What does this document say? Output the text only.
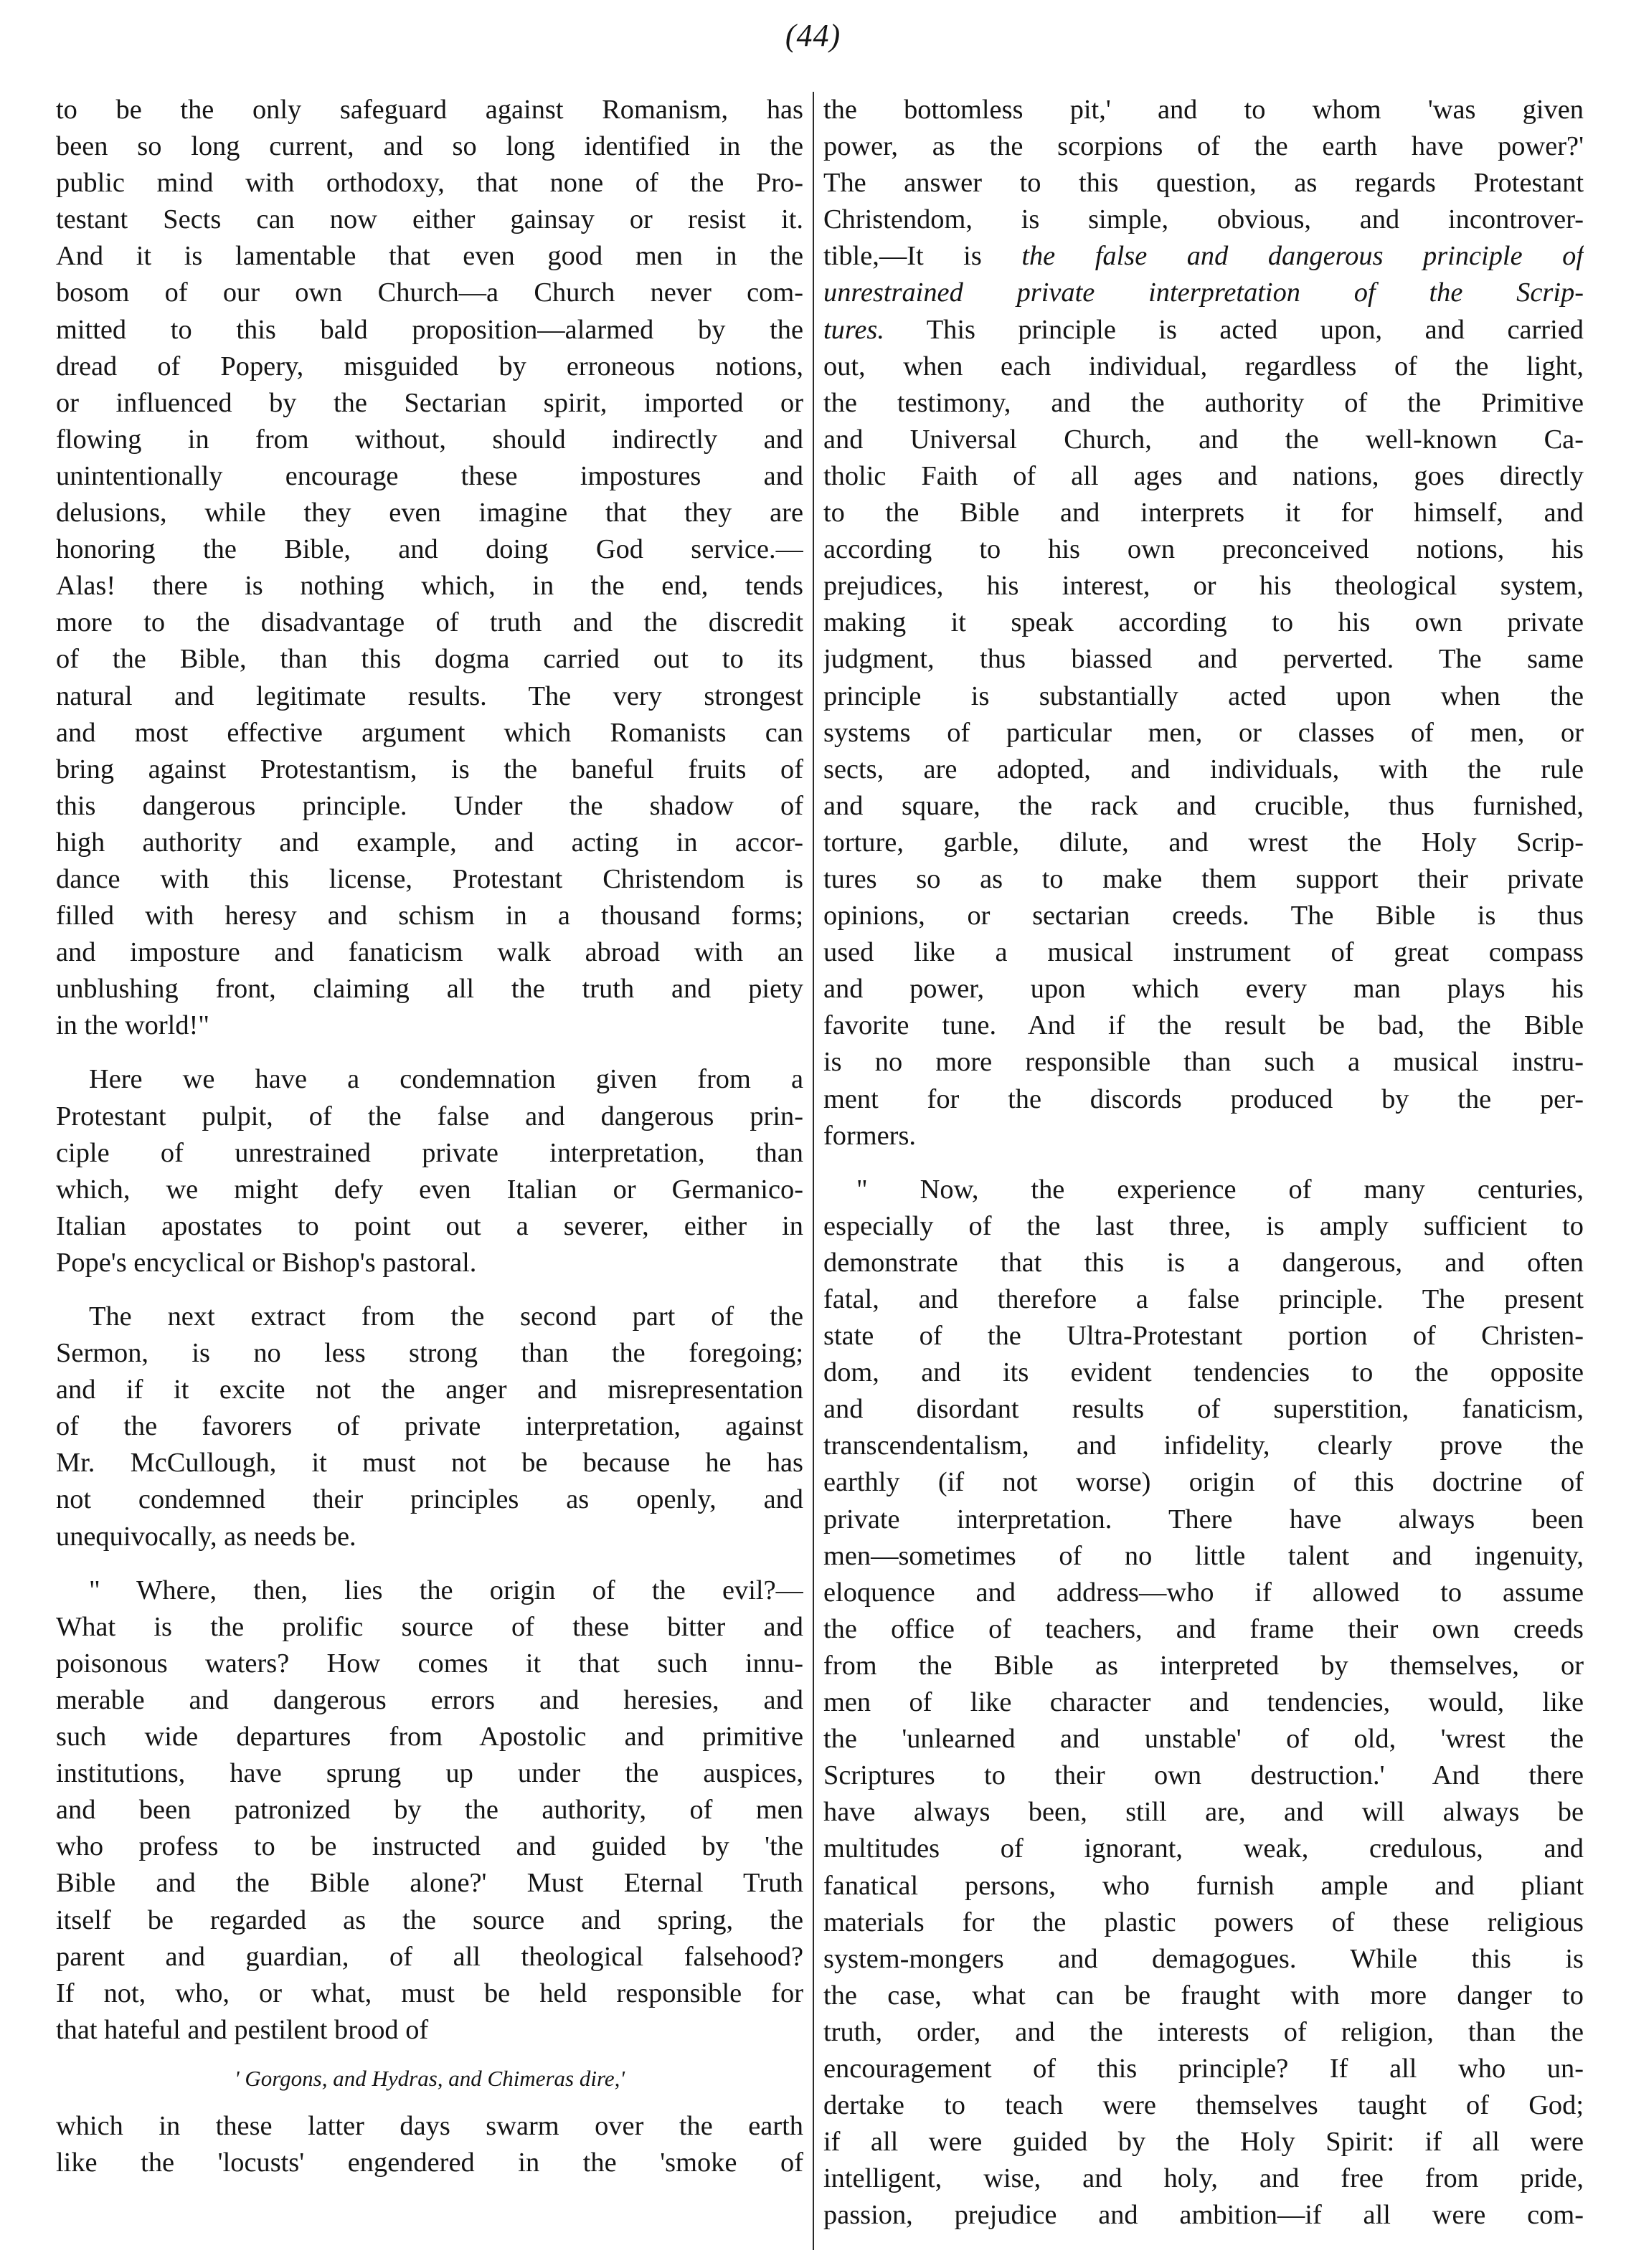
(44)
to be the only safeguard against Romanism, has
been so long current, and so long identified in the
public mind with orthodoxy, that none of the Pro-
testant Sects can now either gainsay or resist it.
And it is lamentable that even good men in the
bosom of our own Church—a Church never com-
mitted to this bald proposition—alarmed by the
dread of Popery, misguided by erroneous notions,
or influenced by the Sectarian spirit, imported or
flowing in from without, should indirectly and
unintentionally encourage these impostures and
delusions, while they even imagine that they are
honoring the Bible, and doing God service.—
Alas! there is nothing which, in the end, tends
more to the disadvantage of truth and the discredit
of the Bible, than this dogma carried out to its
natural and legitimate results. The very strongest
and most effective argument which Romanists can
bring against Protestantism, is the baneful fruits of
this dangerous principle. Under the shadow of
high authority and example, and acting in accor-
dance with this license, Protestant Christendom is
filled with heresy and schism in a thousand forms;
and imposture and fanaticism walk abroad with an
unblushing front, claiming all the truth and piety
in the world!"
Here we have a condemnation given from a
Protestant pulpit, of the false and dangerous prin-
ciple of unrestrained private interpretation, than
which, we might defy even Italian or Germanico-
Italian apostates to point out a severer, either in
Pope's encyclical or Bishop's pastoral.
The next extract from the second part of the
Sermon, is no less strong than the foregoing;
and if it excite not the anger and misrepresentation
of the favorers of private interpretation, against
Mr. McCullough, it must not be because he has
not condemned their principles as openly, and
unequivocally, as needs be.
" Where, then, lies the origin of the evil?—
What is the prolific source of these bitter and
poisonous waters? How comes it that such innu-
merable and dangerous errors and heresies, and
such wide departures from Apostolic and primitive
institutions, have sprung up under the auspices,
and been patronized by the authority, of men
who profess to be instructed and guided by 'the
Bible and the Bible alone?' Must Eternal Truth
itself be regarded as the source and spring, the
parent and guardian, of all theological falsehood?
If not, who, or what, must be held responsible for
that hateful and pestilent brood of
' Gorgons, and Hydras, and Chimeras dire,'
which in these latter days swarm over the earth
like the 'locusts' engendered in the 'smoke of
the bottomless pit,' and to whom 'was given
power, as the scorpions of the earth have power?'
The answer to this question, as regards Protestant
Christendom, is simple, obvious, and incontrover-
tible,—It is the false and dangerous principle of
unrestrained private interpretation of the Scrip-
tures. This principle is acted upon, and carried
out, when each individual, regardless of the light,
the testimony, and the authority of the Primitive
and Universal Church, and the well-known Ca-
tholic Faith of all ages and nations, goes directly
to the Bible and interprets it for himself, and
according to his own preconceived notions, his
prejudices, his interest, or his theological system,
making it speak according to his own private
judgment, thus biassed and perverted. The same
principle is substantially acted upon when the
systems of particular men, or classes of men, or
sects, are adopted, and individuals, with the rule
and square, the rack and crucible, thus furnished,
torture, garble, dilute, and wrest the Holy Scrip-
tures so as to make them support their private
opinions, or sectarian creeds. The Bible is thus
used like a musical instrument of great compass
and power, upon which every man plays his
favorite tune. And if the result be bad, the Bible
is no more responsible than such a musical instru-
ment for the discords produced by the per-
formers.
" Now, the experience of many centuries,
especially of the last three, is amply sufficient to
demonstrate that this is a dangerous, and often
fatal, and therefore a false principle. The present
state of the Ultra-Protestant portion of Christen-
dom, and its evident tendencies to the opposite
and disordant results of superstition, fanaticism,
transcendentalism, and infidelity, clearly prove the
earthly (if not worse) origin of this doctrine of
private interpretation. There have always been
men—sometimes of no little talent and ingenuity,
eloquence and address—who if allowed to assume
the office of teachers, and frame their own creeds
from the Bible as interpreted by themselves, or
men of like character and tendencies, would, like
the 'unlearned and unstable' of old, 'wrest the
Scriptures to their own destruction.' And there
have always been, still are, and will always be
multitudes of ignorant, weak, credulous, and
fanatical persons, who furnish ample and pliant
materials for the plastic powers of these religious
system-mongers and demagogues. While this is
the case, what can be fraught with more danger to
truth, order, and the interests of religion, than the
encouragement of this principle? If all who un-
dertake to teach were themselves taught of God;
if all were guided by the Holy Spirit: if all were
intelligent, wise, and holy, and free from pride,
passion, prejudice and ambition—if all were com-
